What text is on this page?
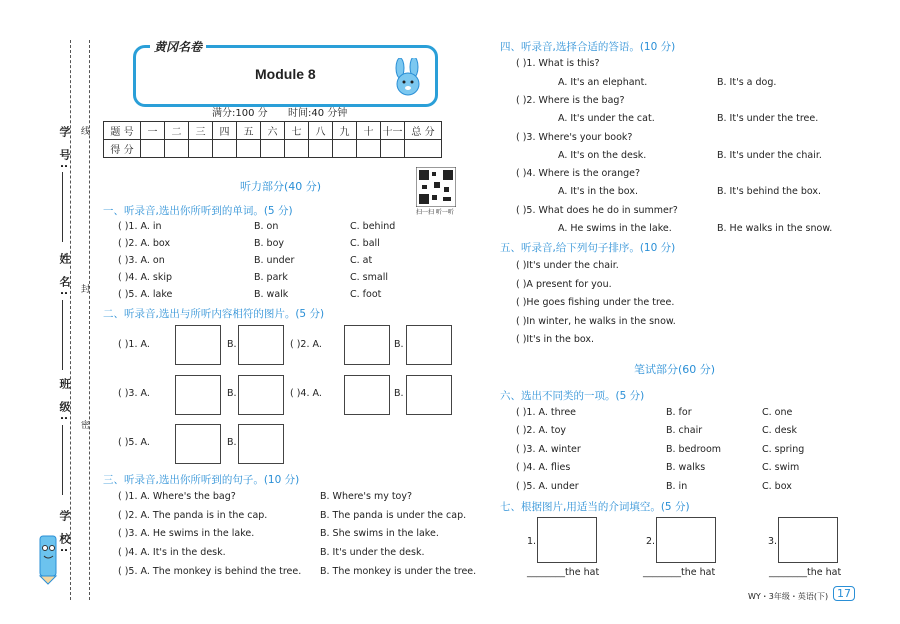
学 号:
姓 名:
班 级:
学 校:
线
封
密
黄冈名卷
Module 8
满分:100 分 时间:40 分钟
题 号	一	二	三	四	五	六	七	八	九	十	十一	总 分
得 分												
听力部分(40 分)
扫一扫 听一听
一、听录音,选出你所听到的单词。(5 分)
( )1. A. in	B. on	C. behind
( )2. A. box	B. boy	C. ball
( )3. A. on	B. under	C. at
( )4. A. skip	B. park	C. small
( )5. A. lake	B. walk	C. foot
二、听录音,选出与所听内容相符的图片。(5 分)
( )1. A.	B.	( )2. A.	B.
( )3. A.	B.	( )4. A.	B.
( )5. A.	B.
三、听录音,选出你所听到的句子。(10 分)
( )1. A. Where's the bag?	B. Where's my toy?
( )2. A. The panda is in the cap.	B. The panda is under the cap.
( )3. A. He swims in the lake.	B. She swims in the lake.
( )4. A. It's in the desk.	B. It's under the desk.
( )5. A. The monkey is behind the tree. B. The monkey is under the tree.
四、听录音,选择合适的答语。(10 分)
( )1. What is this?
A. It's an elephant.	B. It's a dog.
( )2. Where is the bag?
A. It's under the cat.	B. It's under the tree.
( )3. Where's your book?
A. It's on the desk.	B. It's under the chair.
( )4. Where is the orange?
A. It's in the box.	B. It's behind the box.
( )5. What does he do in summer?
A. He swims in the lake.	B. He walks in the snow.
五、听录音,给下列句子排序。(10 分)
( )It's under the chair.
( )A present for you.
( )He goes fishing under the tree.
( )In winter, he walks in the snow.
( )It's in the box.
笔试部分(60 分)
六、选出不同类的一项。(5 分)
( )1. A. three	B. for	C. one
( )2. A. toy	B. chair	C. desk
( )3. A. winter	B. bedroom	C. spring
( )4. A. flies	B. walks	C. swim
( )5. A. under	B. in	C. box
七、根据图片,用适当的介词填空。(5 分)
1.
________the hat
2.
________the hat
3.
________the hat
WY・3年级・英语(下) 17
